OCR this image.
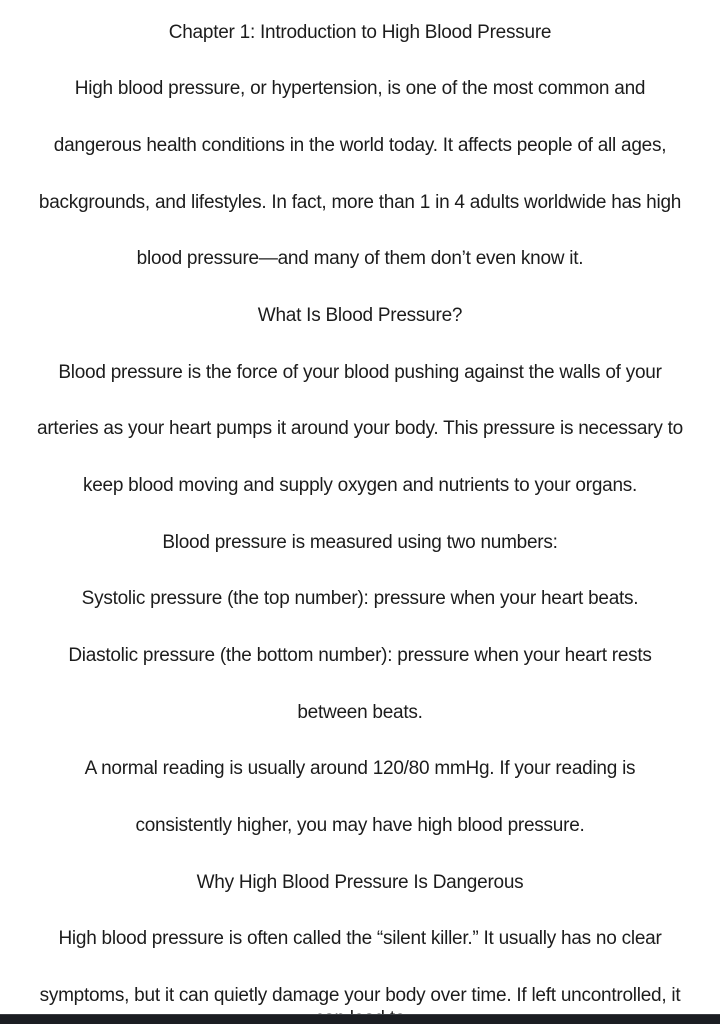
Chapter 1: Introduction to High Blood Pressure
High blood pressure, or hypertension, is one of the most common and
dangerous health conditions in the world today. It affects people of all ages,
backgrounds, and lifestyles. In fact, more than 1 in 4 adults worldwide has high
blood pressure—and many of them don’t even know it.
What Is Blood Pressure?
Blood pressure is the force of your blood pushing against the walls of your
arteries as your heart pumps it around your body. This pressure is necessary to
keep blood moving and supply oxygen and nutrients to your organs.
Blood pressure is measured using two numbers:
Systolic pressure (the top number): pressure when your heart beats.
Diastolic pressure (the bottom number): pressure when your heart rests
between beats.
A normal reading is usually around 120/80 mmHg. If your reading is
consistently higher, you may have high blood pressure.
Why High Blood Pressure Is Dangerous
High blood pressure is often called the “silent killer.” It usually has no clear
symptoms, but it can quietly damage your body over time. If left uncontrolled, it
